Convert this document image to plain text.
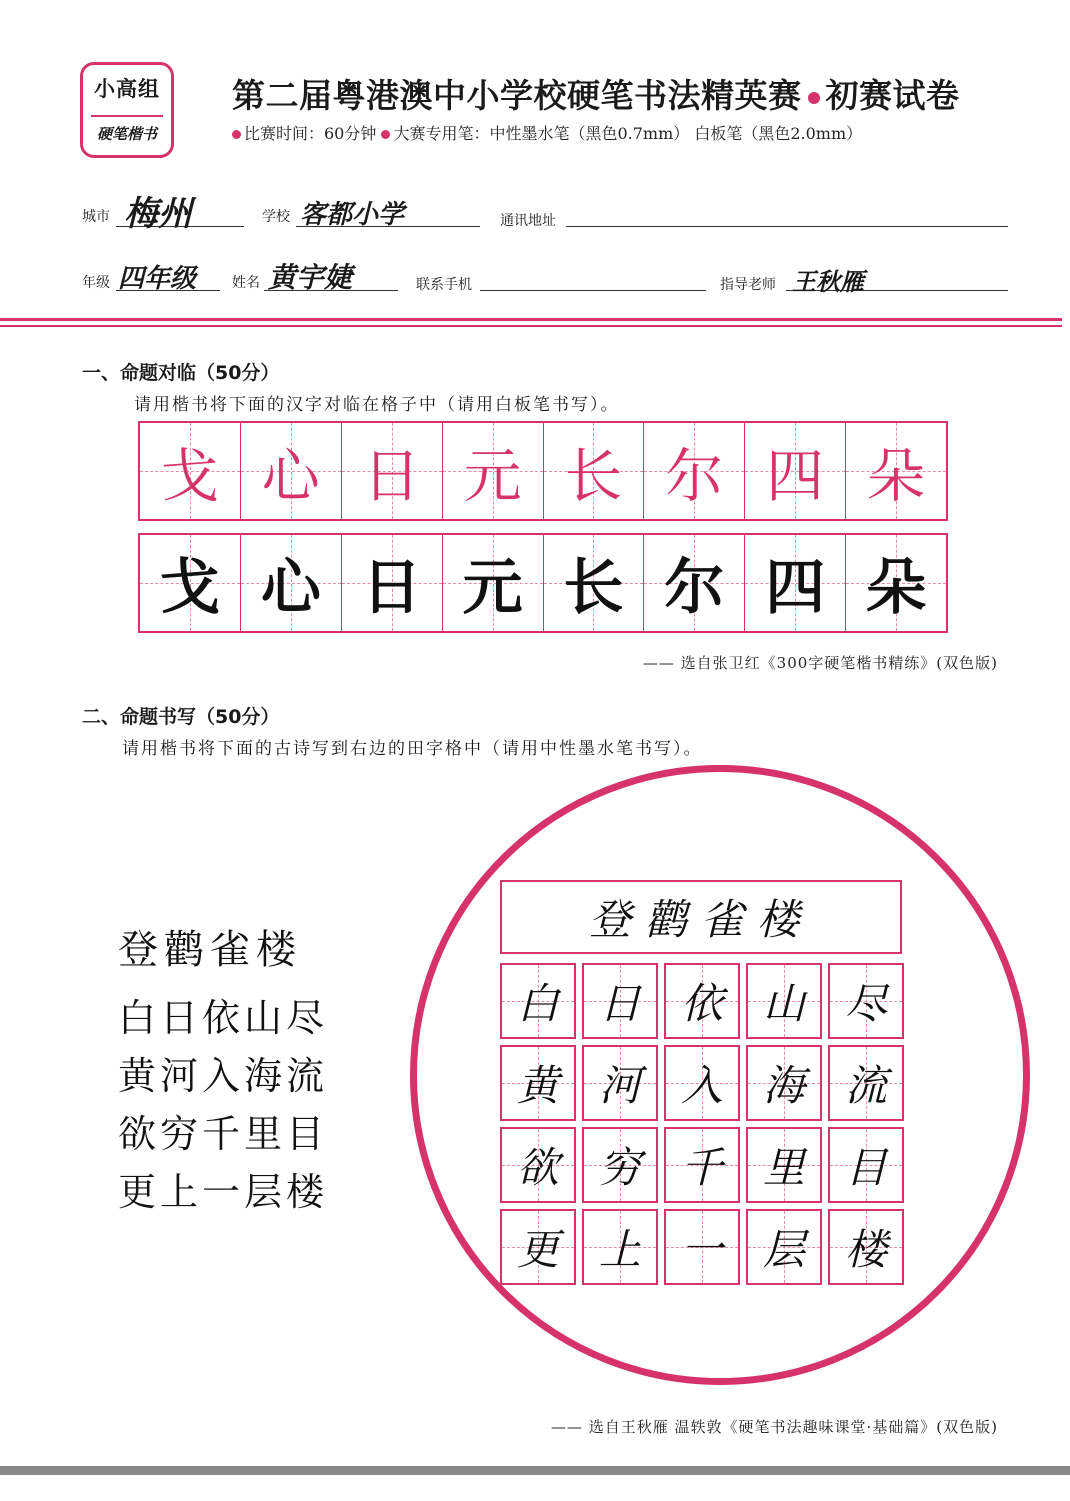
小高组
硬笔楷书
第二届粤港澳中小学校硬笔书法精英赛 初赛试卷
比赛时间：60分钟 大赛专用笔：中性墨水笔（黑色0.7mm） 白板笔（黑色2.0mm）
城市 梅州	学校 客都小学	通讯地址
年级 四年级	姓名 黄宇婕	联系手机	指导老师 王秋雁
一、命题对临（50分）
请用楷书将下面的汉字对临在格子中（请用白板笔书写）。
戈 心 日 元 长 尔 四 朵
戈 心 日 元 长 尔 四 朵
—— 选自张卫红《300字硬笔楷书精练》(双色版)
二、命题书写（50分）
请用楷书将下面的古诗写到右边的田字格中（请用中性墨水笔书写）。
登鹳雀楼
白日依山尽
黄河入海流
欲穷千里目
更上一层楼
登鹳雀楼
白 日 依 山 尽
黄 河 入 海 流
欲 穷 千 里 目
更 上 一 层 楼
—— 选自王秋雁 温轶敦《硬笔书法趣味课堂·基础篇》(双色版)
